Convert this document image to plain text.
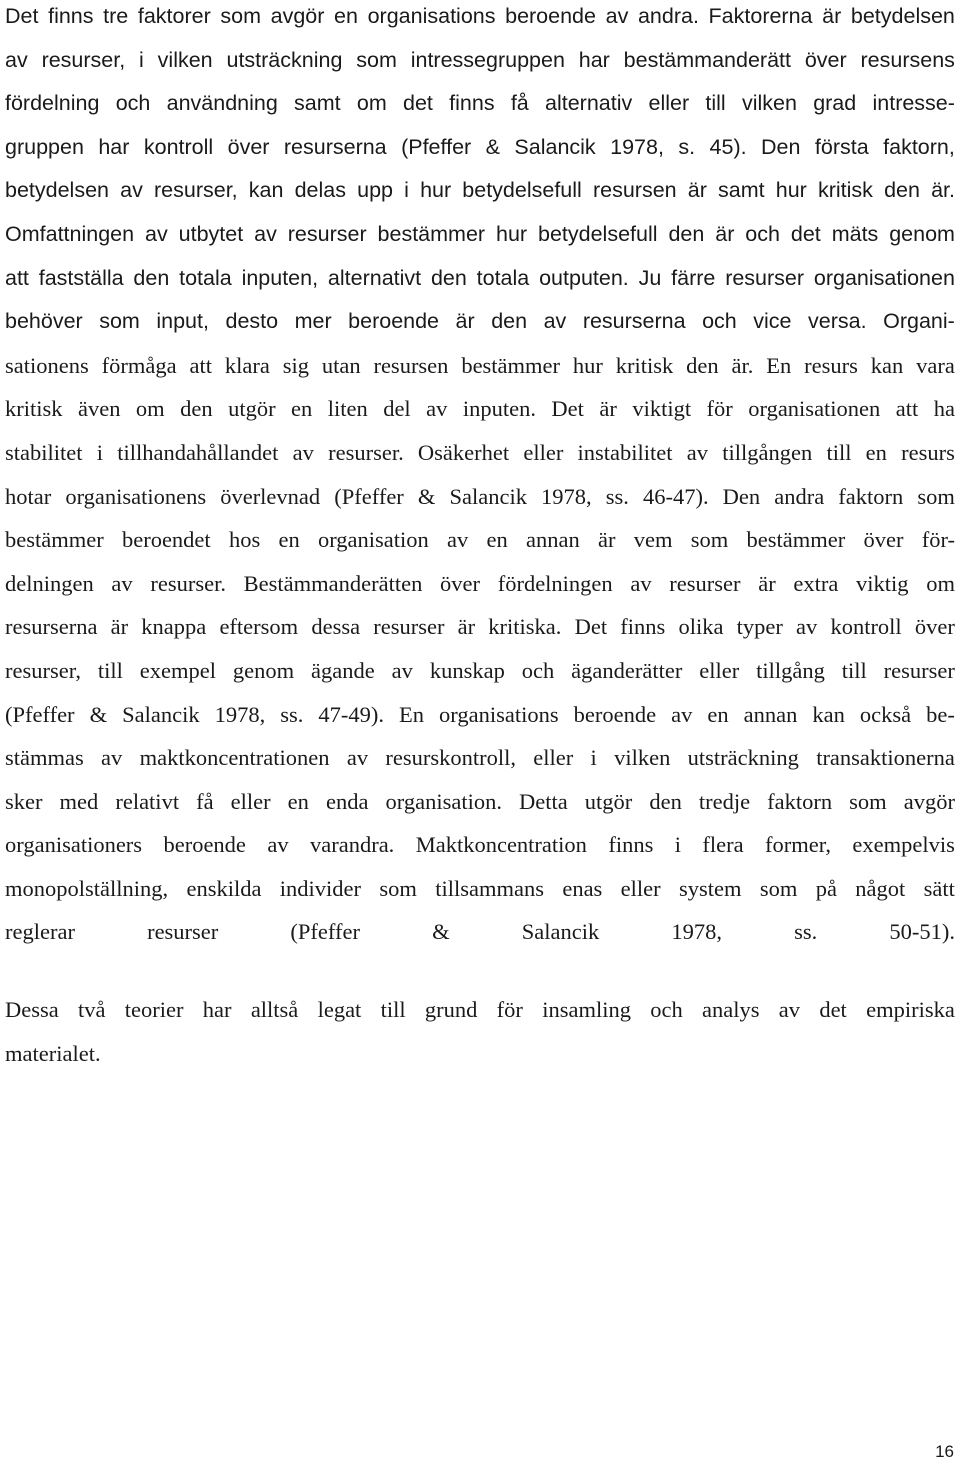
Det finns tre faktorer som avgör en organisations beroende av andra. Faktorerna är betydelsen
av resurser, i vilken utsträckning som intressegruppen har bestämmanderätt över resursens
fördelning och användning samt om det finns få alternativ eller till vilken grad intresse-
gruppen har kontroll över resurserna (Pfeffer & Salancik 1978, s. 45). Den första faktorn,
betydelsen av resurser, kan delas upp i hur betydelsefull resursen är samt hur kritisk den är.
Omfattningen av utbytet av resurser bestämmer hur betydelsefull den är och det mäts genom
att fastställa den totala inputen, alternativt den totala outputen. Ju färre resurser organisationen
behöver som input, desto mer beroende är den av resurserna och vice versa. Organi-
sationens förmåga att klara sig utan resursen bestämmer hur kritisk den är. En resurs kan vara
kritisk även om den utgör en liten del av inputen. Det är viktigt för organisationen att ha
stabilitet i tillhandahållandet av resurser. Osäkerhet eller instabilitet av tillgången till en resurs
hotar organisationens överlevnad (Pfeffer & Salancik 1978, ss. 46-47). Den andra faktorn som
bestämmer beroendet hos en organisation av en annan är vem som bestämmer över för-
delningen av resurser. Bestämmanderätten över fördelningen av resurser är extra viktig om
resurserna är knappa eftersom dessa resurser är kritiska. Det finns olika typer av kontroll över
resurser, till exempel genom ägande av kunskap och äganderätter eller tillgång till resurser
(Pfeffer & Salancik 1978, ss. 47-49). En organisations beroende av en annan kan också be-
stämmas av maktkoncentrationen av resurskontroll, eller i vilken utsträckning transaktionerna
sker med relativt få eller en enda organisation. Detta utgör den tredje faktorn som avgör
organisationers beroende av varandra. Maktkoncentration finns i flera former, exempelvis
monopolställning, enskilda individer som tillsammans enas eller system som på något sätt
reglerar resurser (Pfeffer & Salancik 1978, ss. 50-51).
Dessa två teorier har alltså legat till grund för insamling och analys av det empiriska
materialet.
16
